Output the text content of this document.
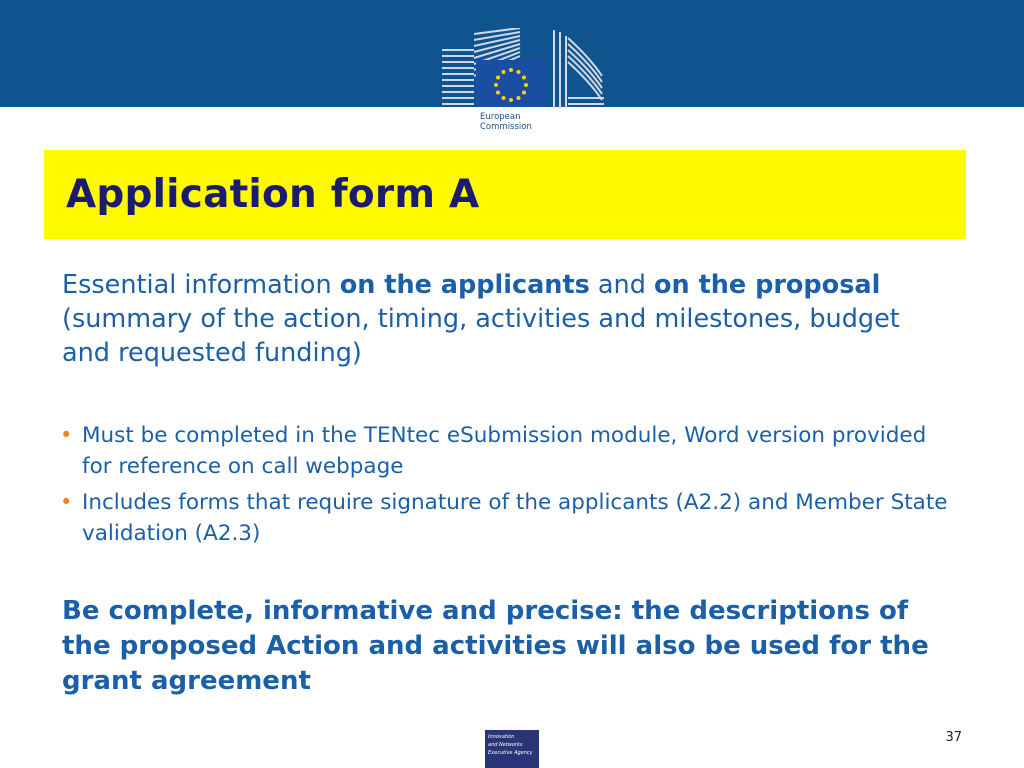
European
Commission
Application form A

Essential information on the applicants and on the proposal (summary of the action, timing, activities and milestones, budget and requested funding)

• Must be completed in the TENtec eSubmission module, Word version provided for reference on call webpage
• Includes forms that require signature of the applicants (A2.2) and Member State validation (A2.3)

Be complete, informative and precise: the descriptions of the proposed Action and activities will also be used for the grant agreement

Innovation
and Networks
Executive Agency
37
